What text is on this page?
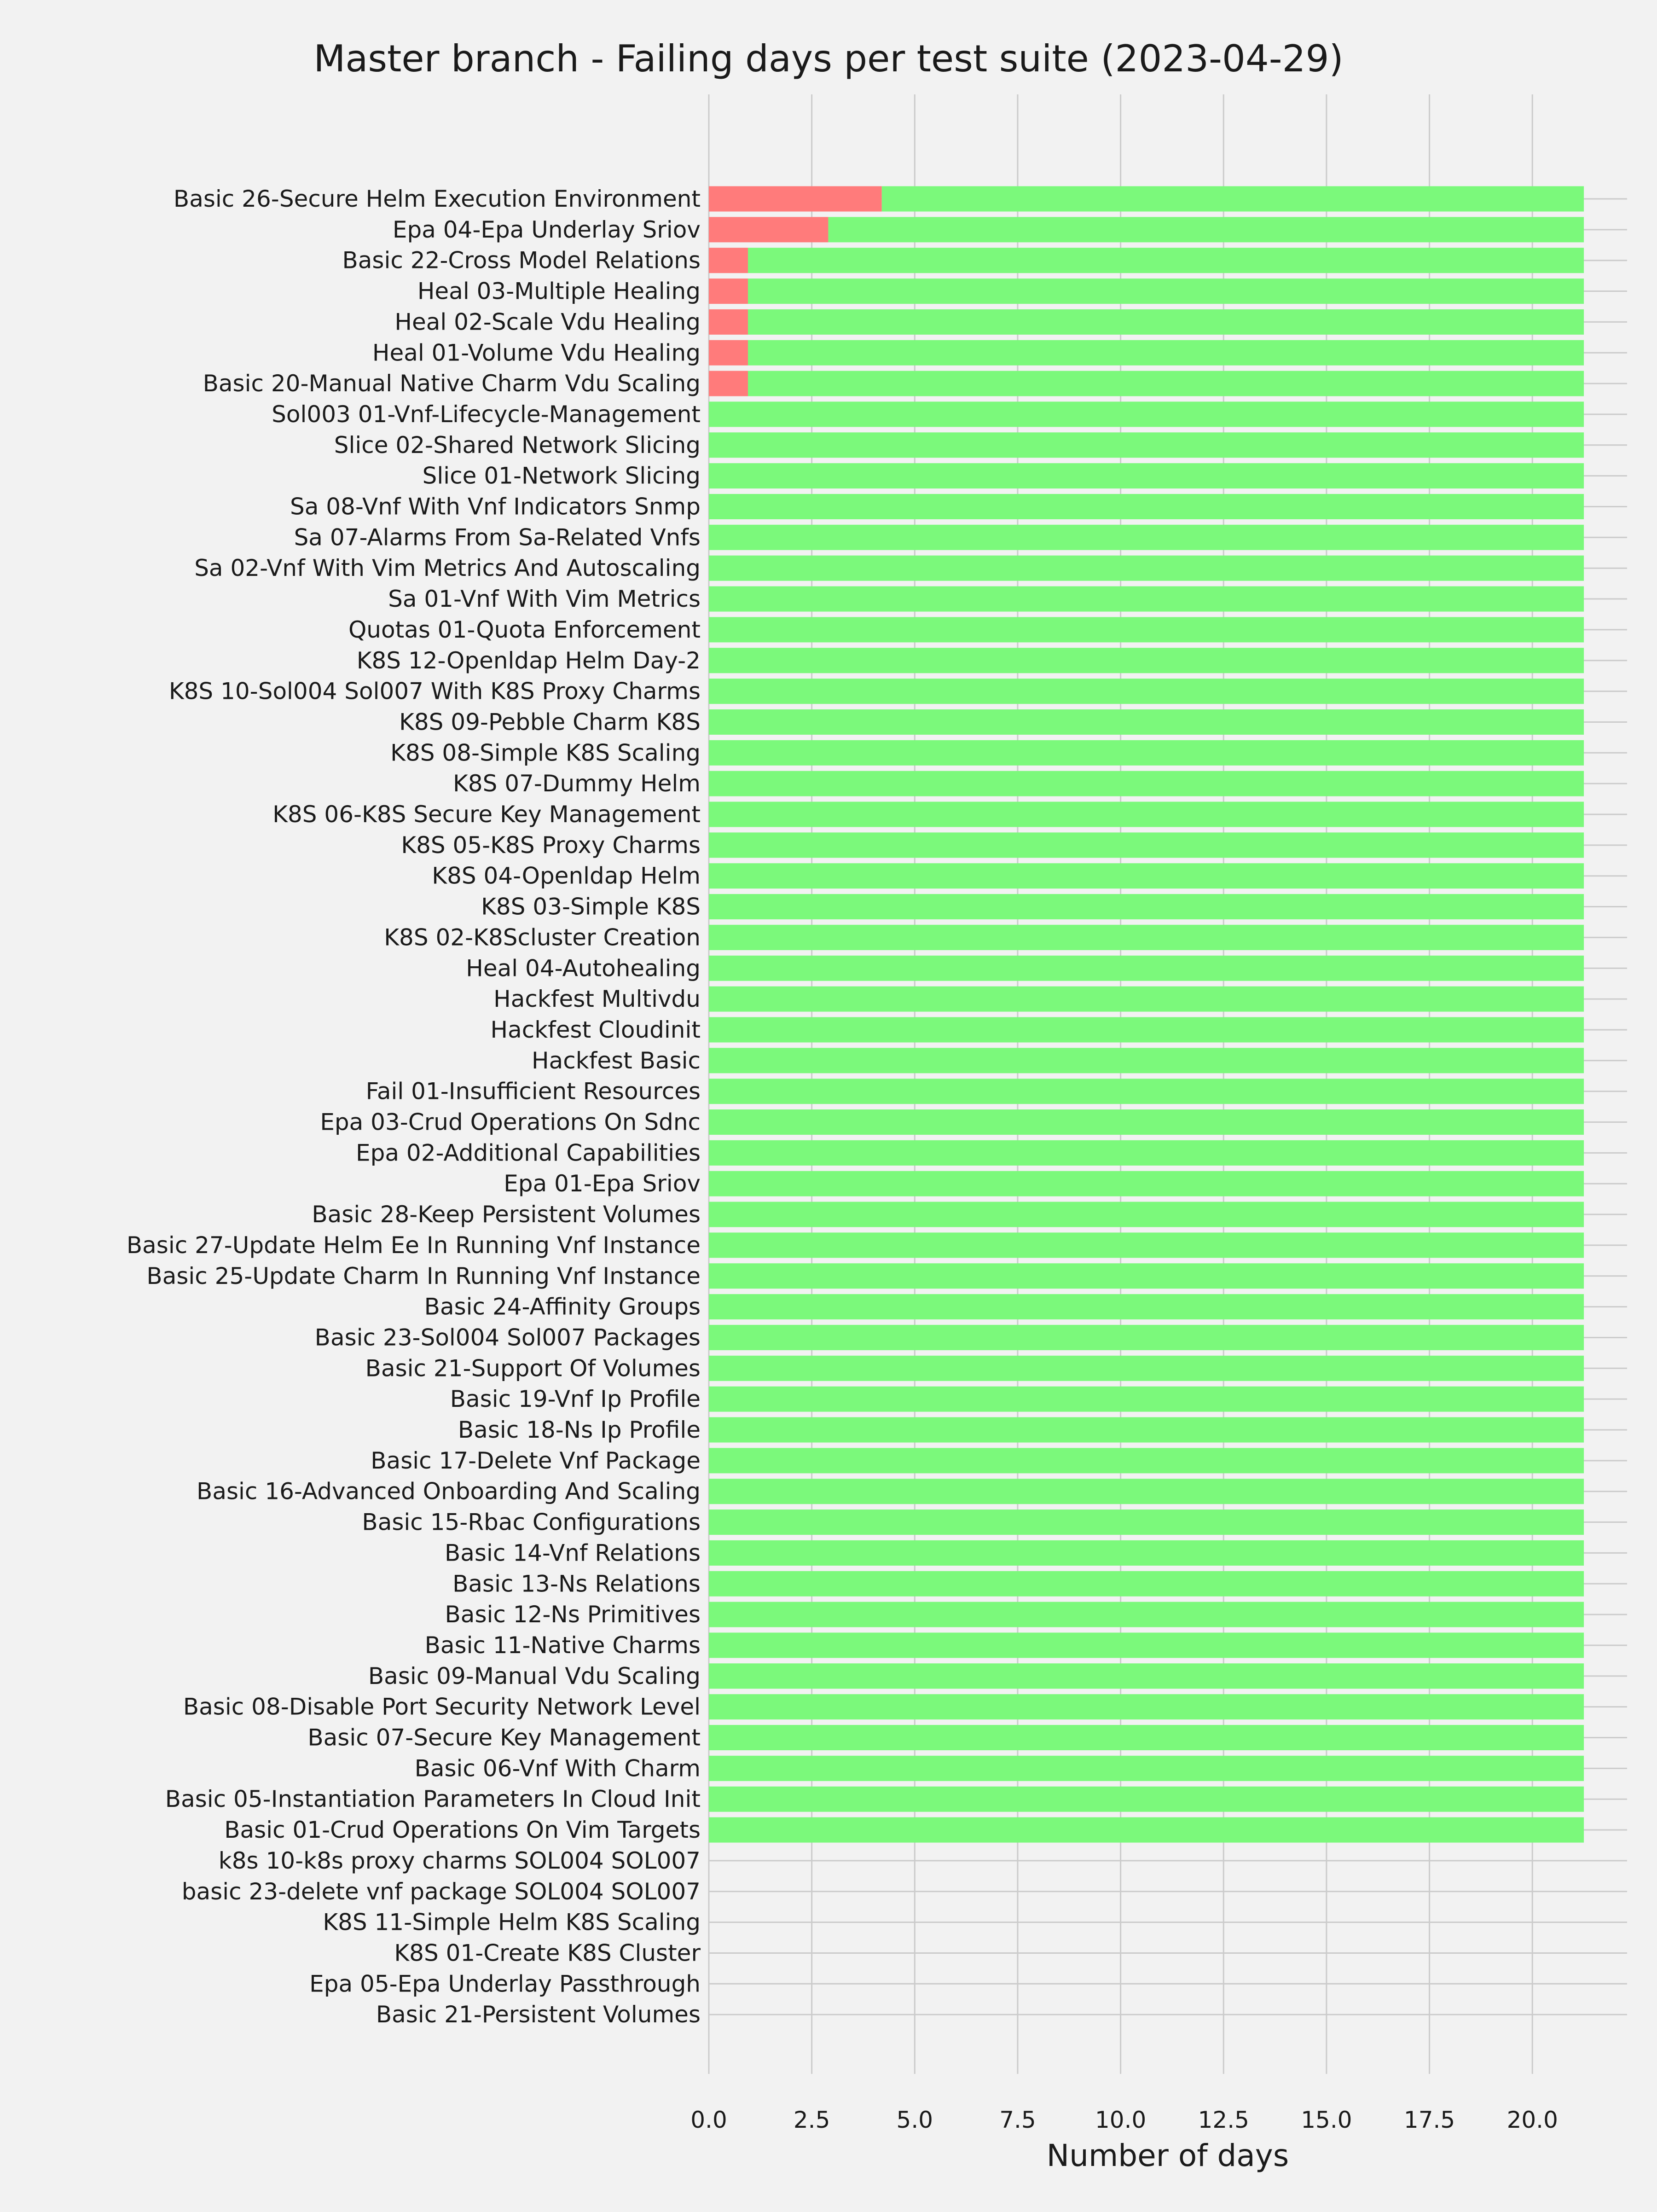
Master branch - Failing days per test suite (2023-04-29)
Basic 26-Secure Helm Execution Environment
Epa 04-Epa Underlay Sriov
Basic 22-Cross Model Relations
Heal 03-Multiple Healing
Heal 02-Scale Vdu Healing
Heal 01-Volume Vdu Healing
Basic 20-Manual Native Charm Vdu Scaling
Sol003 01-Vnf-Lifecycle-Management
Slice 02-Shared Network Slicing
Slice 01-Network Slicing
Sa 08-Vnf With Vnf Indicators Snmp
Sa 07-Alarms From Sa-Related Vnfs
Sa 02-Vnf With Vim Metrics And Autoscaling
Sa 01-Vnf With Vim Metrics
Quotas 01-Quota Enforcement
K8S 12-Openldap Helm Day-2
K8S 10-Sol004 Sol007 With K8S Proxy Charms
K8S 09-Pebble Charm K8S
K8S 08-Simple K8S Scaling
K8S 07-Dummy Helm
K8S 06-K8S Secure Key Management
K8S 05-K8S Proxy Charms
K8S 04-Openldap Helm
K8S 03-Simple K8S
K8S 02-K8Scluster Creation
Heal 04-Autohealing
Hackfest Multivdu
Hackfest Cloudinit
Hackfest Basic
Fail 01-Insufficient Resources
Epa 03-Crud Operations On Sdnc
Epa 02-Additional Capabilities
Epa 01-Epa Sriov
Basic 28-Keep Persistent Volumes
Basic 27-Update Helm Ee In Running Vnf Instance
Basic 25-Update Charm In Running Vnf Instance
Basic 24-Affinity Groups
Basic 23-Sol004 Sol007 Packages
Basic 21-Support Of Volumes
Basic 19-Vnf Ip Profile
Basic 18-Ns Ip Profile
Basic 17-Delete Vnf Package
Basic 16-Advanced Onboarding And Scaling
Basic 15-Rbac Configurations
Basic 14-Vnf Relations
Basic 13-Ns Relations
Basic 12-Ns Primitives
Basic 11-Native Charms
Basic 09-Manual Vdu Scaling
Basic 08-Disable Port Security Network Level
Basic 07-Secure Key Management
Basic 06-Vnf With Charm
Basic 05-Instantiation Parameters In Cloud Init
Basic 01-Crud Operations On Vim Targets
k8s 10-k8s proxy charms SOL004 SOL007
basic 23-delete vnf package SOL004 SOL007
K8S 11-Simple Helm K8S Scaling
K8S 01-Create K8S Cluster
Epa 05-Epa Underlay Passthrough
Basic 21-Persistent Volumes
0.0	2.5	5.0	7.5	10.0 12.5 15.0 17.5 20.0
Number of days
